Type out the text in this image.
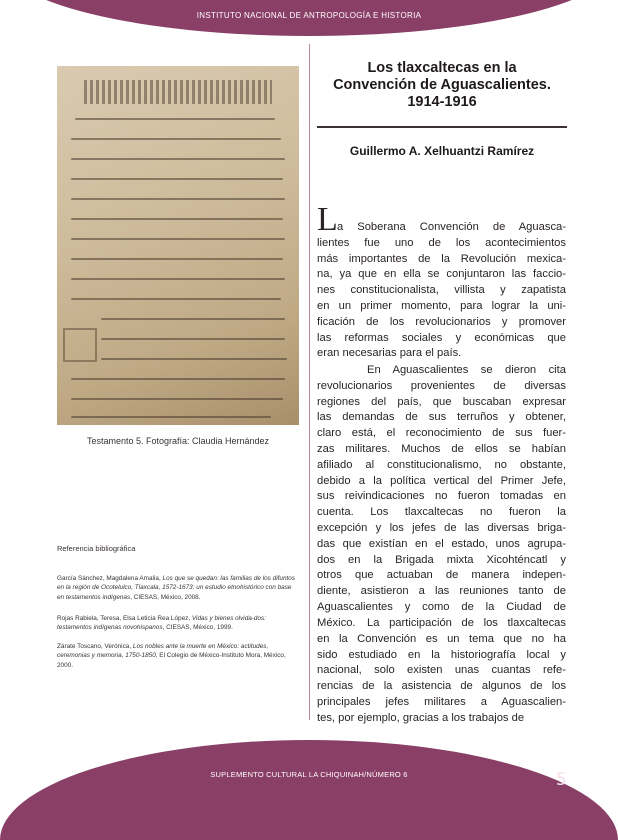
INSTITUTO NACIONAL DE ANTROPOLOGÍA E HISTORIA
Testamento 5. Fotografía: Claudia Hernández
Referencia bibliográfica
García Sánchez, Magdalena Amalia, Los que se quedan: las familias de los difuntos en la región de Ocotelulco, Tlaxcala, 1572-1673: un estudio etnohistórico con base en testamentos indígenas, CIESAS, México, 2008.
Rojas Rabiela, Teresa, Elsa Leticia Rea López, Vidas y bienes olvida-dos: testamentos indígenas novohispanos, CIESAS, México, 1999.
Zárate Toscano, Verónica, Los nobles ante la muerte en México: actitudes, ceremonias y memoria, 1750-1850, El Colegio de México-Instituto Mora, México, 2000.
Los tlaxcaltecas en la
Convención de Aguascalientes.
1914-1916
Guillermo A. Xelhuantzi Ramírez
L a Soberana Convención de Aguasca-
lientes fue uno de los acontecimientos
más importantes de la Revolución mexica-
na, ya que en ella se conjuntaron las faccio-
nes constitucionalista, villista y zapatista
en un primer momento, para lograr la uni-
ficación de los revolucionarios y promover
las reformas sociales y económicas que
eran necesarias para el país.
En Aguascalientes se dieron cita
revolucionarios provenientes de diversas
regiones del país, que buscaban expresar
las demandas de sus terruños y obtener,
claro está, el reconocimiento de sus fuer-
zas militares. Muchos de ellos se habían
afiliado al constitucionalismo, no obstante,
debido a la política vertical del Primer Jefe,
sus reivindicaciones no fueron tomadas en
cuenta. Los tlaxcaltecas no fueron la
excepción y los jefes de las diversas briga-
das que existían en el estado, unos agrupa-
dos en la Brigada mixta Xicohténcatl y
otros que actuaban de manera indepen-
diente, asistieron a las reuniones tanto de
Aguascalientes y como de la Ciudad de
México.	La participación de los tlaxcaltecas
en la Convención es un tema que no ha
sido estudiado en la historiografía local y
nacional, solo existen unas cuantas refe-
rencias de la asistencia de algunos de los
principales jefes militares a Aguascalien-
tes, por ejemplo, gracias a los trabajos de
SUPLEMENTO CULTURAL LA CHIQUINAH/NÚMERO 6	5
